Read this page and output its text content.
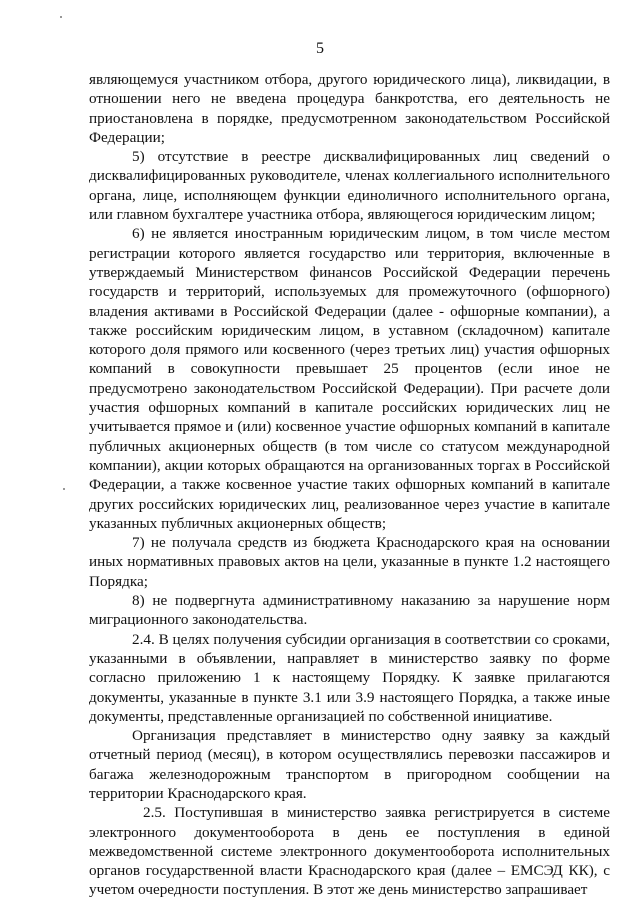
5

являющемуся участником отбора, другого юридического лица), ликвидации, в отношении него не введена процедура банкротства, его деятельность не приостановлена в порядке, предусмотренном законодательством Российской Федерации;

5) отсутствие в реестре дисквалифицированных лиц сведений о дисквалифицированных руководителе, членах коллегиального исполнительного органа, лице, исполняющем функции единоличного исполнительного органа, или главном бухгалтере участника отбора, являющегося юридическим лицом;

6) не является иностранным юридическим лицом, в том числе местом регистрации которого является государство или территория, включенные в утверждаемый Министерством финансов Российской Федерации перечень государств и территорий, используемых для промежуточного (офшорного) владения активами в Российской Федерации (далее - офшорные компании), а также российским юридическим лицом, в уставном (складочном) капитале которого доля прямого или косвенного (через третьих лиц) участия офшорных компаний в совокупности превышает 25 процентов (если иное не предусмотрено законодательством Российской Федерации). При расчете доли участия офшорных компаний в капитале российских юридических лиц не учитывается прямое и (или) косвенное участие офшорных компаний в капитале публичных акционерных обществ (в том числе со статусом международной компании), акции которых обращаются на организованных торгах в Российской Федерации, а также косвенное участие таких офшорных компаний в капитале других российских юридических лиц, реализованное через участие в капитале указанных публичных акционерных обществ;

7) не получала средств из бюджета Краснодарского края на основании иных нормативных правовых актов на цели, указанные в пункте 1.2 настоящего Порядка;

8) не подвергнута административному наказанию за нарушение норм миграционного законодательства.

2.4. В целях получения субсидии организация в соответствии со сроками, указанными в объявлении, направляет в министерство заявку по форме согласно приложению 1 к настоящему Порядку. К заявке прилагаются документы, указанные в пункте 3.1 или 3.9 настоящего Порядка, а также иные документы, представленные организацией по собственной инициативе.

Организация представляет в министерство одну заявку за каждый отчетный период (месяц), в котором осуществлялись перевозки пассажиров и багажа железнодорожным транспортом в пригородном сообщении на территории Краснодарского края.

2.5. Поступившая в министерство заявка регистрируется в системе электронного документооборота в день ее поступления в единой межведомственной системе электронного документооборота исполнительных органов государственной власти Краснодарского края (далее – ЕМСЭД КК), с учетом очередности поступления. В этот же день министерство запрашивает
